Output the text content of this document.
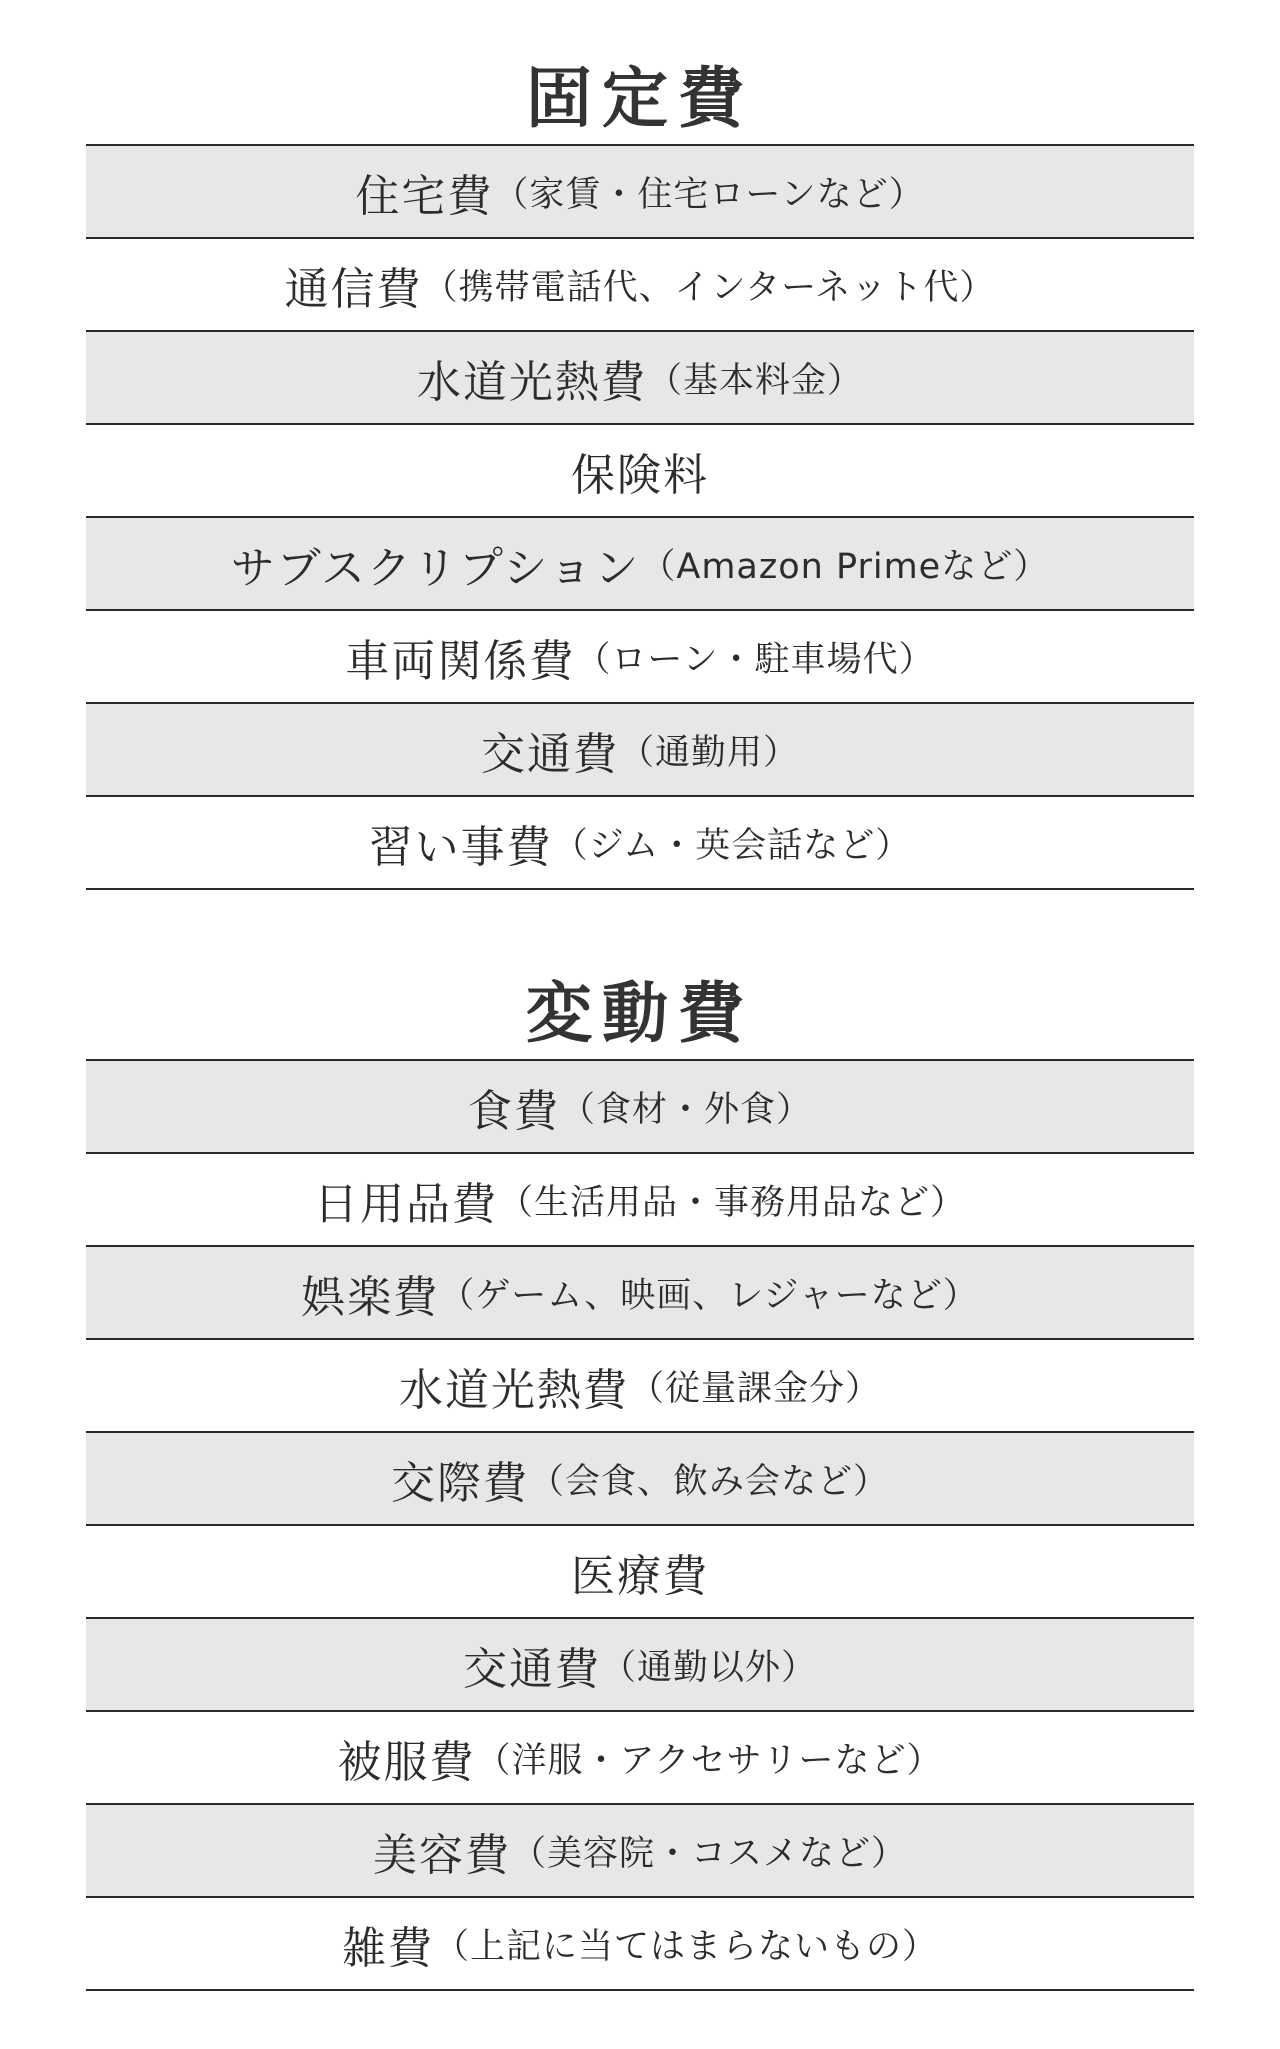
固定費
住宅費 （家賃・住宅ローンなど）
通信費 （携帯電話代、インターネット代）
水道光熱費 （基本料金）
保険料
サブスクリプション （Amazon Primeなど）
車両関係費 （ローン・駐車場代）
交通費 （通勤用）
習い事費 （ジム・英会話など）
変動費
食費 （食材・外食）
日用品費 （生活用品・事務用品など）
娯楽費 （ゲーム、映画、レジャーなど）
水道光熱費 （従量課金分）
交際費 （会食、飲み会など）
医療費
交通費 （通勤以外）
被服費 （洋服・アクセサリーなど）
美容費 （美容院・コスメなど）
雑費 （上記に当てはまらないもの）
